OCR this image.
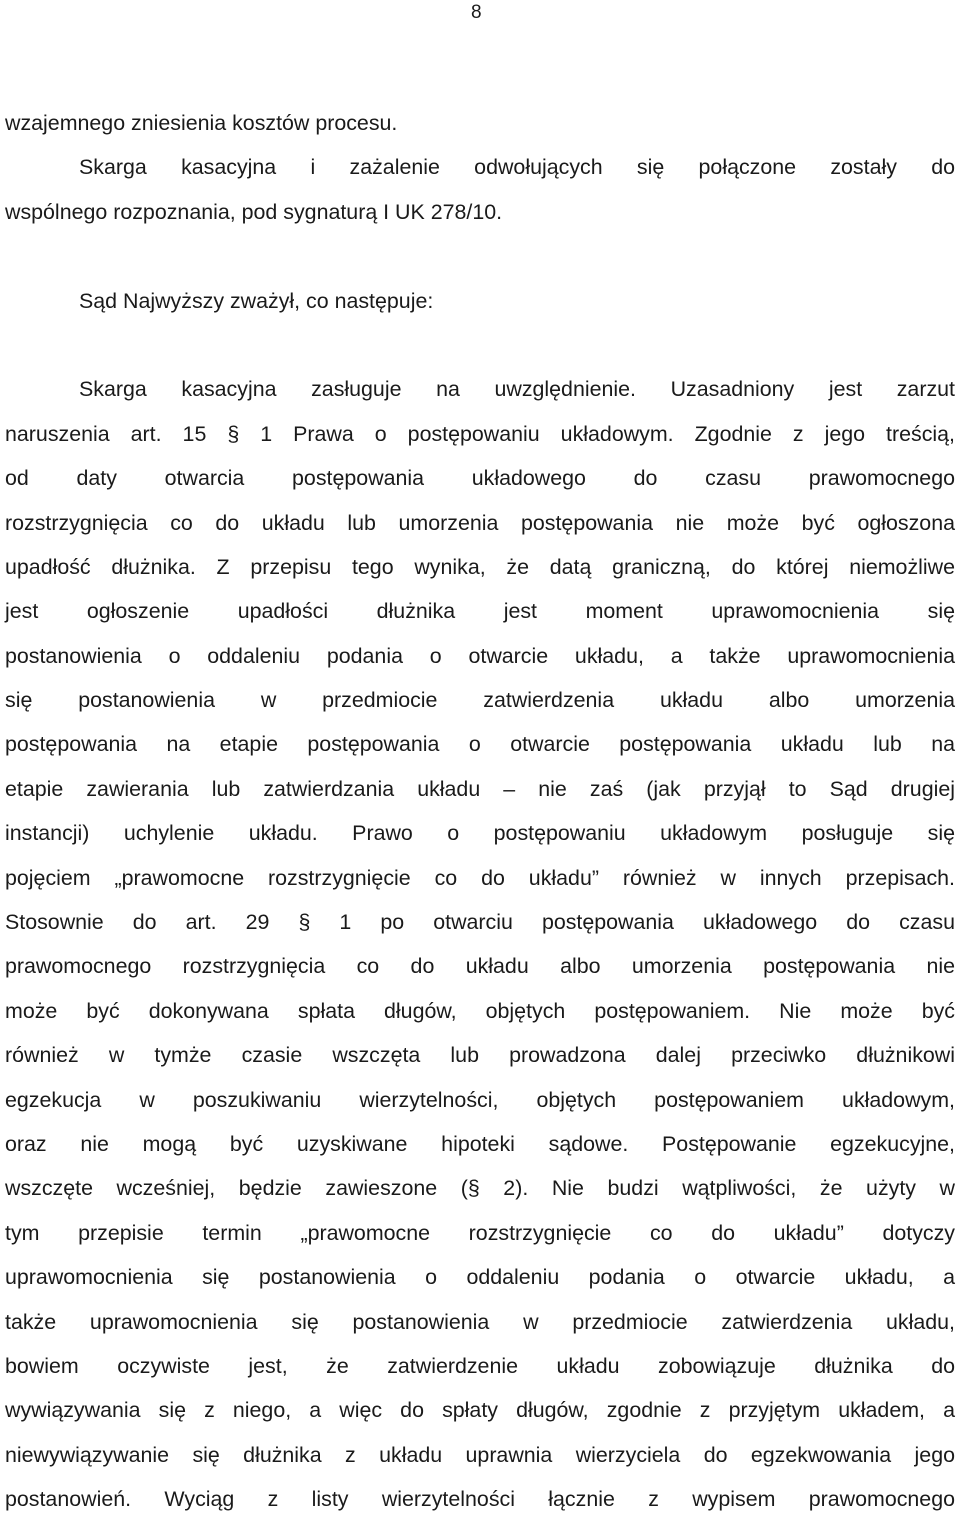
8
wzajemnego zniesienia kosztów procesu.
Skarga kasacyjna i zażalenie odwołujących się połączone zostały do
wspólnego rozpoznania, pod sygnaturą I UK 278/10.
Sąd Najwyższy zważył, co następuje:
Skarga kasacyjna zasługuje na uwzględnienie. Uzasadniony jest zarzut
naruszenia art. 15 § 1 Prawa o postępowaniu układowym. Zgodnie z jego treścią,
od daty otwarcia postępowania układowego do czasu prawomocnego
rozstrzygnięcia co do układu lub umorzenia postępowania nie może być ogłoszona
upadłość dłużnika. Z przepisu tego wynika, że datą graniczną, do której niemożliwe
jest ogłoszenie upadłości dłużnika jest moment uprawomocnienia się
postanowienia o oddaleniu podania o otwarcie układu, a także uprawomocnienia
się postanowienia w przedmiocie zatwierdzenia układu albo umorzenia
postępowania na etapie postępowania o otwarcie postępowania układu lub na
etapie zawierania lub zatwierdzania układu – nie zaś (jak przyjął to Sąd drugiej
instancji) uchylenie układu. Prawo o postępowaniu układowym posługuje się
pojęciem „prawomocne rozstrzygnięcie co do układu” również w innych przepisach.
Stosownie do art. 29 § 1 po otwarciu postępowania układowego do czasu
prawomocnego rozstrzygnięcia co do układu albo umorzenia postępowania nie
może być dokonywana spłata długów, objętych postępowaniem. Nie może być
również w tymże czasie wszczęta lub prowadzona dalej przeciwko dłużnikowi
egzekucja w poszukiwaniu wierzytelności, objętych postępowaniem układowym,
oraz nie mogą być uzyskiwane hipoteki sądowe. Postępowanie egzekucyjne,
wszczęte wcześniej, będzie zawieszone (§ 2). Nie budzi wątpliwości, że użyty w
tym przepisie termin „prawomocne rozstrzygnięcie co do układu” dotyczy
uprawomocnienia się postanowienia o oddaleniu podania o otwarcie układu, a
także uprawomocnienia się postanowienia w przedmiocie zatwierdzenia układu,
bowiem oczywiste jest, że zatwierdzenie układu zobowiązuje dłużnika do
wywiązywania się z niego, a więc do spłaty długów, zgodnie z przyjętym układem, a
niewywiązywanie się dłużnika z układu uprawnia wierzyciela do egzekwowania jego
postanowień. Wyciąg z listy wierzytelności łącznie z wypisem prawomocnego
